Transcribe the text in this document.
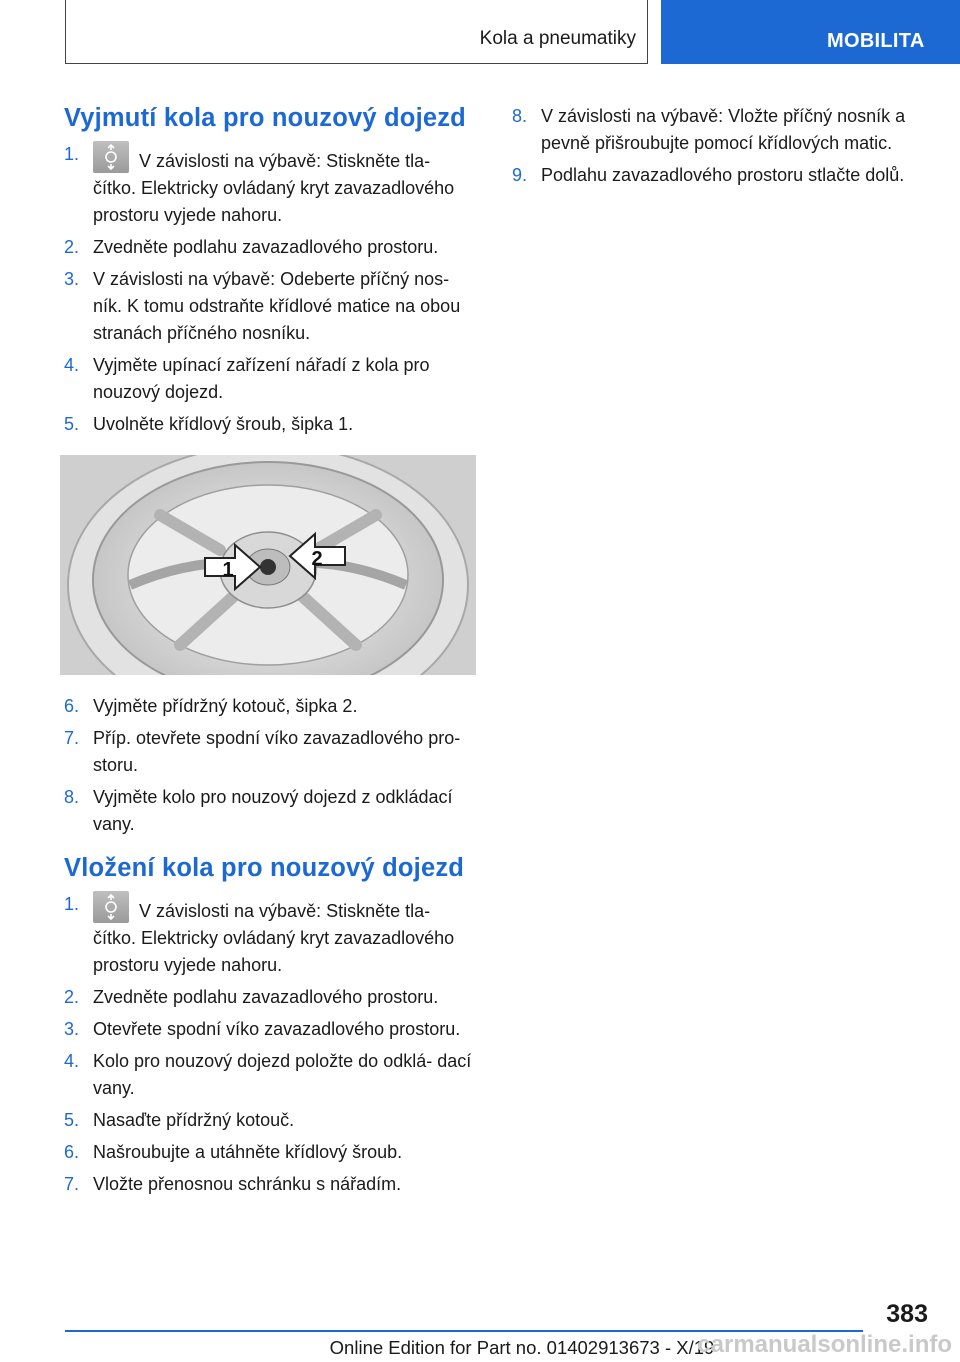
Kola a pneumatiky	MOBILITA
Vyjmutí kola pro nouzový dojezd
1.	V závislosti na výbavě: Stiskněte tla‐ čítko. Elektricky ovládaný kryt zavazadlového prostoru vyjede nahoru.
2. Zvedněte podlahu zavazadlového prostoru.
3. V závislosti na výbavě: Odeberte příčný nos‐ ník. K tomu odstraňte křídlové matice na obou stranách příčného nosníku.
4. Vyjměte upínací zařízení nářadí z kola pro nouzový dojezd.
5. Uvolněte křídlový šroub, šipka 1.
1	2
6. Vyjměte přídržný kotouč, šipka 2.
7. Příp. otevřete spodní víko zavazadlového pro‐ storu.
8. Vyjměte kolo pro nouzový dojezd z odkládací vany.
Vložení kola pro nouzový dojezd
1.	V závislosti na výbavě: Stiskněte tla‐ čítko. Elektricky ovládaný kryt zavazadlového prostoru vyjede nahoru.
2. Zvedněte podlahu zavazadlového prostoru.
3. Otevřete spodní víko zavazadlového prostoru.
4. Kolo pro nouzový dojezd položte do odklá‐ dací vany.
5. Nasaďte přídržný kotouč.
6. Našroubujte a utáhněte křídlový šroub.
7. Vložte přenosnou schránku s nářadím.
8. V závislosti na výbavě: Vložte příčný nosník a pevně přišroubujte pomocí křídlových matic.
9. Podlahu zavazadlového prostoru stlačte dolů.
383
Online Edition for Part no. 01402913673 - X/19
carmanualsonline.info
